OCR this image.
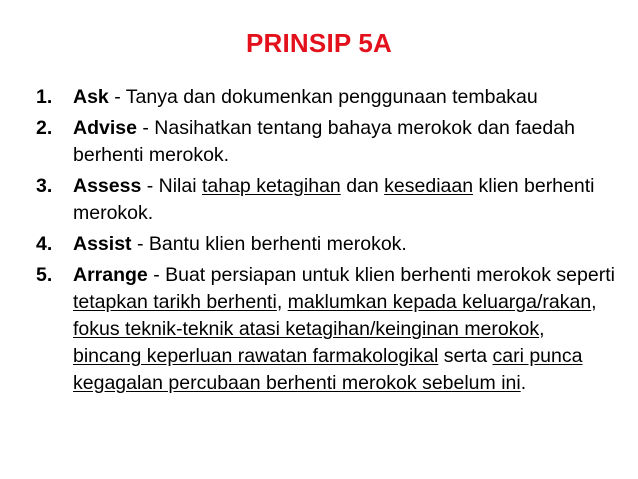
PRINSIP 5A
1.	Ask - Tanya dan dokumenkan penggunaan tembakau
2.	Advise - Nasihatkan tentang bahaya merokok dan faedah berhenti merokok.
3.	Assess - Nilai tahap ketagihan dan kesediaan klien berhenti merokok.
4.	Assist - Bantu klien berhenti merokok.
5.	Arrange - Buat persiapan untuk klien berhenti merokok seperti tetapkan tarikh berhenti, maklumkan kepada keluarga/rakan, fokus teknik-teknik atasi ketagihan/keinginan merokok, bincang keperluan rawatan farmakologikal serta cari punca kegagalan percubaan berhenti merokok sebelum ini.
